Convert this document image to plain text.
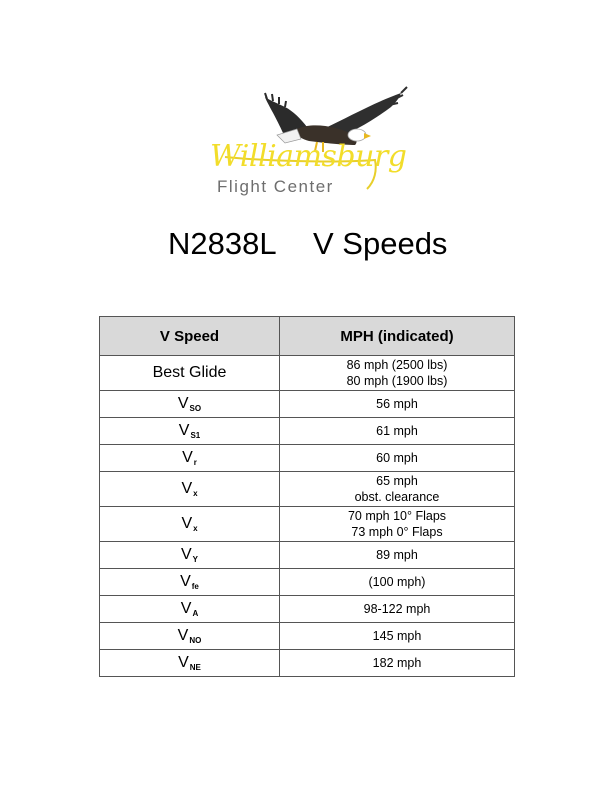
Williamsburg
Flight Center
N2838L V Speeds
V Speed	MPH (indicated)
Best Glide	86 mph (2500 lbs)
80 mph (1900 lbs)

VSO	56 mph

VS1	61 mph

Vr	60 mph

Vx	65 mph
obst. clearance

Vx	70 mph 10° Flaps
73 mph 0° Flaps

VY	89 mph

Vfe	(100 mph)

VA	98-122 mph

VNO	145 mph

VNE	182 mph
